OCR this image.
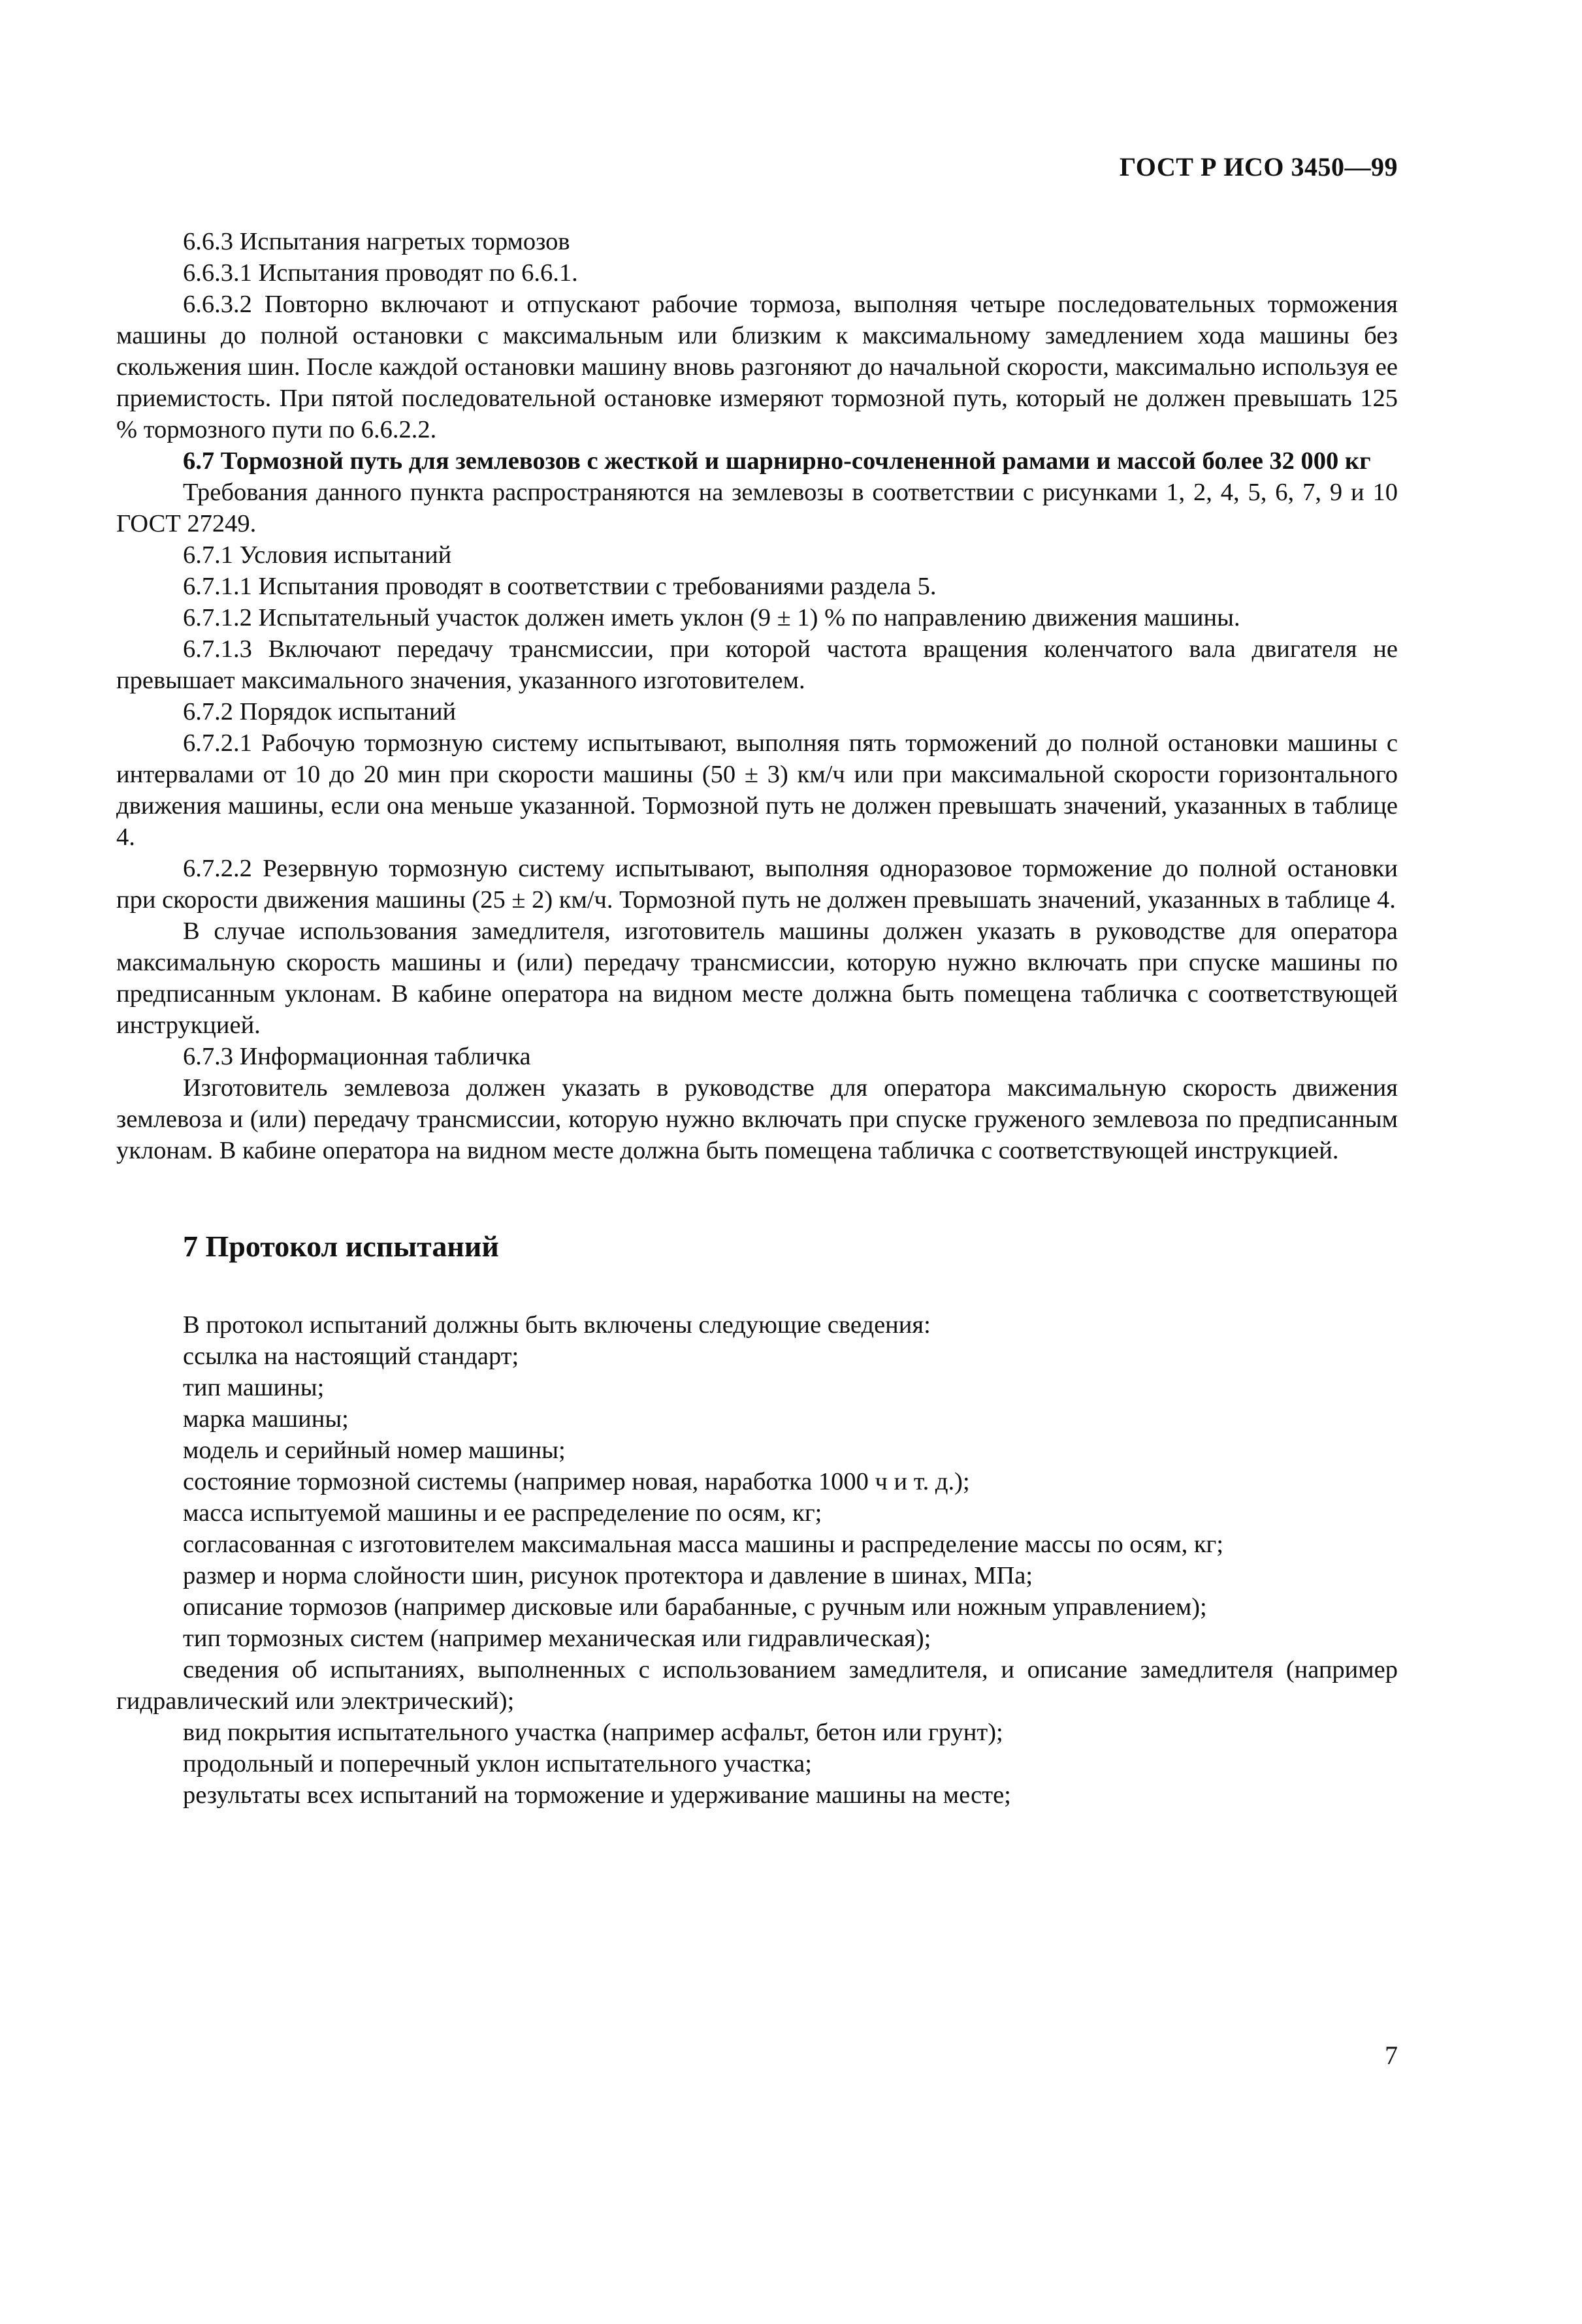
ГОСТ Р ИСО 3450—99

6.6.3 Испытания нагретых тормозов

6.6.3.1 Испытания проводят по 6.6.1.

6.6.3.2 Повторно включают и отпускают рабочие тормоза, выполняя четыре последовательных торможения машины до полной остановки с максимальным или близким к максимальному замедлением хода машины без скольжения шин. После каждой остановки машину вновь разгоняют до начальной скорости, максимально используя ее приемистость. При пятой последовательной остановке измеряют тормозной путь, который не должен превышать 125 % тормозного пути по 6.6.2.2.

6.7 Тормозной путь для землевозов с жесткой и шарнирно-сочлененной рамами и массой более 32 000 кг

Требования данного пункта распространяются на землевозы в соответствии с рисунками 1, 2, 4, 5, 6, 7, 9 и 10 ГОСТ 27249.

6.7.1 Условия испытаний

6.7.1.1 Испытания проводят в соответствии с требованиями раздела 5.

6.7.1.2 Испытательный участок должен иметь уклон (9 ± 1) % по направлению движения машины.

6.7.1.3 Включают передачу трансмиссии, при которой частота вращения коленчатого вала двигателя не превышает максимального значения, указанного изготовителем.

6.7.2 Порядок испытаний

6.7.2.1 Рабочую тормозную систему испытывают, выполняя пять торможений до полной остановки машины с интервалами от 10 до 20 мин при скорости машины (50 ± 3) км/ч или при максимальной скорости горизонтального движения машины, если она меньше указанной. Тормозной путь не должен превышать значений, указанных в таблице 4.

6.7.2.2 Резервную тормозную систему испытывают, выполняя одноразовое торможение до полной остановки при скорости движения машины (25 ± 2) км/ч. Тормозной путь не должен превышать значений, указанных в таблице 4.

В случае использования замедлителя, изготовитель машины должен указать в руководстве для оператора максимальную скорость машины и (или) передачу трансмиссии, которую нужно включать при спуске машины по предписанным уклонам. В кабине оператора на видном месте должна быть помещена табличка с соответствующей инструкцией.

6.7.3 Информационная табличка

Изготовитель землевоза должен указать в руководстве для оператора максимальную скорость движения землевоза и (или) передачу трансмиссии, которую нужно включать при спуске груженого землевоза по предписанным уклонам. В кабине оператора на видном месте должна быть помещена табличка с соответствующей инструкцией.

7 Протокол испытаний

В протокол испытаний должны быть включены следующие сведения:

ссылка на настоящий стандарт;

тип машины;

марка машины;

модель и серийный номер машины;

состояние тормозной системы (например новая, наработка 1000 ч и т. д.);

масса испытуемой машины и ее распределение по осям, кг;

согласованная с изготовителем максимальная масса машины и распределение массы по осям, кг;

размер и норма слойности шин, рисунок протектора и давление в шинах, МПа;

описание тормозов (например дисковые или барабанные, с ручным или ножным управлением);

тип тормозных систем (например механическая или гидравлическая);

сведения об испытаниях, выполненных с использованием замедлителя, и описание замедлителя (например гидравлический или электрический);

вид покрытия испытательного участка (например асфальт, бетон или грунт);

продольный и поперечный уклон испытательного участка;

результаты всех испытаний на торможение и удерживание машины на месте;

7
